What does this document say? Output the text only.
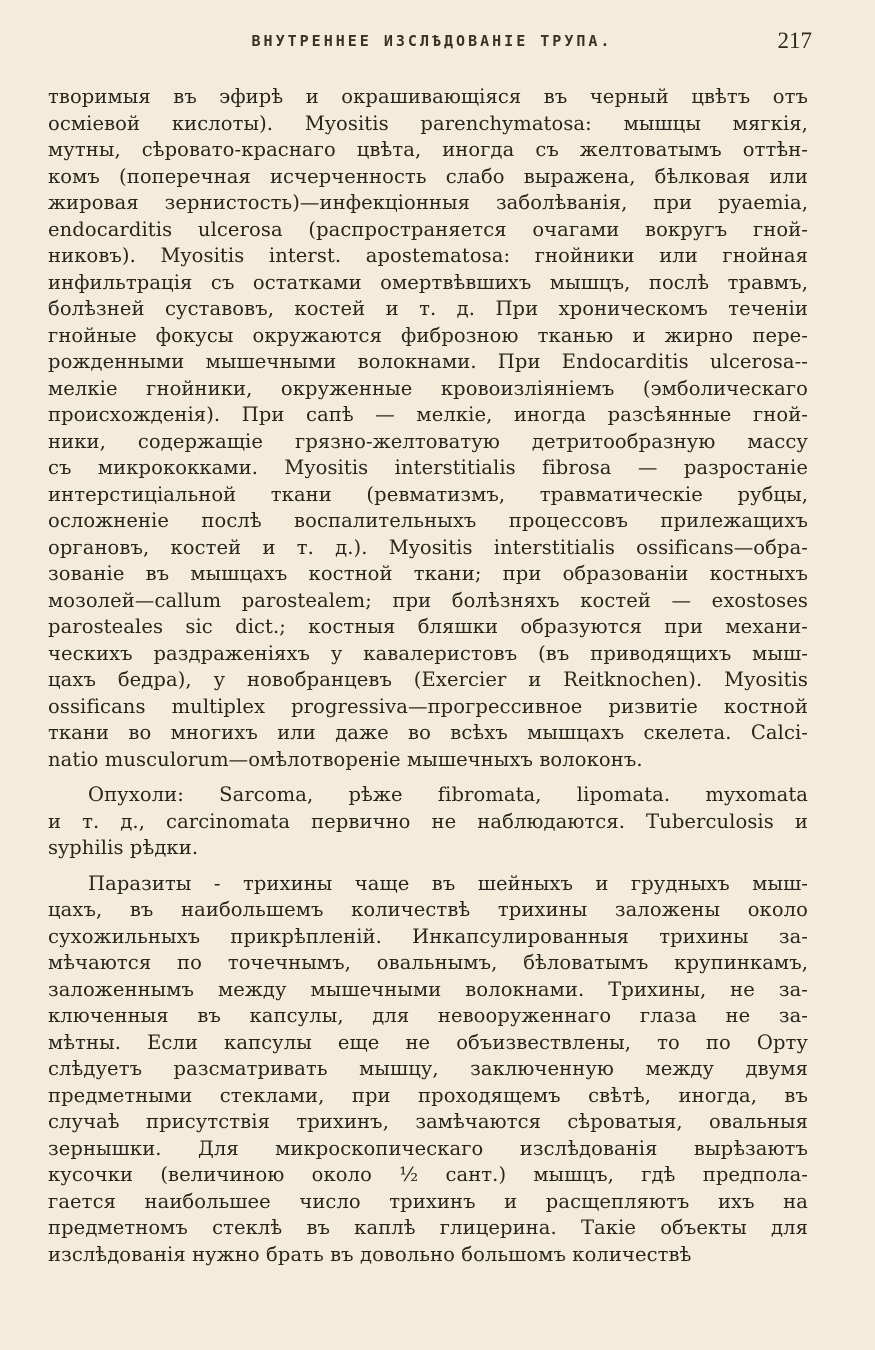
ВНУТРЕННЕЕ ИЗСЛѢДОВАНІЕ ТРУПА.	217
творимыя въ эфирѣ и окрашивающіяся въ черный цвѣтъ отъ
осміевой кислоты). Myositis parenchymatosa: мышцы мягкія,
мутны, сѣровато-краснаго цвѣта, иногда съ желтоватымъ оттѣн-
комъ (поперечная исчерченность слабо выражена, бѣлковая или
жировая зернистость)—инфекціонныя заболѣванія, при pyaemia,
endocarditis ulcerosa (распространяется очагами вокругъ гной-
никовъ). Myositis interst. apostematosa: гнойники или гнойная
инфильтрація съ остатками омертвѣвшихъ мышцъ, послѣ травмъ,
болѣзней суставовъ, костей и т. д. При хроническомъ теченіи
гнойные фокусы окружаются фиброзною тканью и жирно пере-
рожденными мышечными волокнами. При Endocarditis ulcerosa--
мелкіе гнойники, окруженные кровоизліяніемъ (эмболическаго
происхожденія). При сапѣ — мелкіе, иногда разсѣянные гной-
ники, содержащіе грязно-желтоватую детритообразную массу
съ микрококками. Myositis interstitialis fibrosa — разростаніе
интерстиціальной ткани (ревматизмъ, травматическіе рубцы,
осложненіе послѣ воспалительныхъ процессовъ прилежащихъ
органовъ, костей и т. д.). Myositis interstitialis ossificans—обра-
зованіе въ мышцахъ костной ткани; при образованіи костныхъ
мозолей—callum parostealem; при болѣзняхъ костей — exostoses
parosteales sic dict.; костныя бляшки образуются при механи-
ческихъ раздраженіяхъ у кавалеристовъ (въ приводящихъ мыш-
цахъ бедра), у новобранцевъ (Exercier и Reitknochen). Myositis
ossificans multiplex progressiva—прогрессивное ризвитіе костной
ткани во многихъ или даже во всѣхъ мышцахъ скелета. Calci-
natio musculorum—омѣлотвореніе мышечныхъ волоконъ.
Опухоли: Sarcoma, рѣже fibromata, lipomata. myxomata
и т. д., carcinomata первично не наблюдаются. Tuberculosis и
syphilis рѣдки.
Паразиты - трихины чаще въ шейныхъ и грудныхъ мыш-
цахъ, въ наибольшемъ количествѣ трихины заложены около
сухожильныхъ прикрѣпленій. Инкапсулированныя трихины за-
мѣчаются по точечнымъ, овальнымъ, бѣловатымъ крупинкамъ,
заложеннымъ между мышечными волокнами. Трихины, не за-
ключенныя въ капсулы, для невооруженнаго глаза не за-
мѣтны. Если капсулы еще не объизвествлены, то по Орту
слѣдуетъ разсматривать мышцу, заключенную между двумя
предметными стеклами, при проходящемъ свѣтѣ, иногда, въ
случаѣ присутствія трихинъ, замѣчаются сѣроватыя, овальныя
зернышки. Для микроскопическаго изслѣдованія вырѣзаютъ
кусочки (величиною около ½ сант.) мышцъ, гдѣ предпола-
гается наибольшее число трихинъ и расщепляютъ ихъ на
предметномъ стеклѣ въ каплѣ глицерина. Такіе объекты для
изслѣдованія нужно брать въ довольно большомъ количествѣ
